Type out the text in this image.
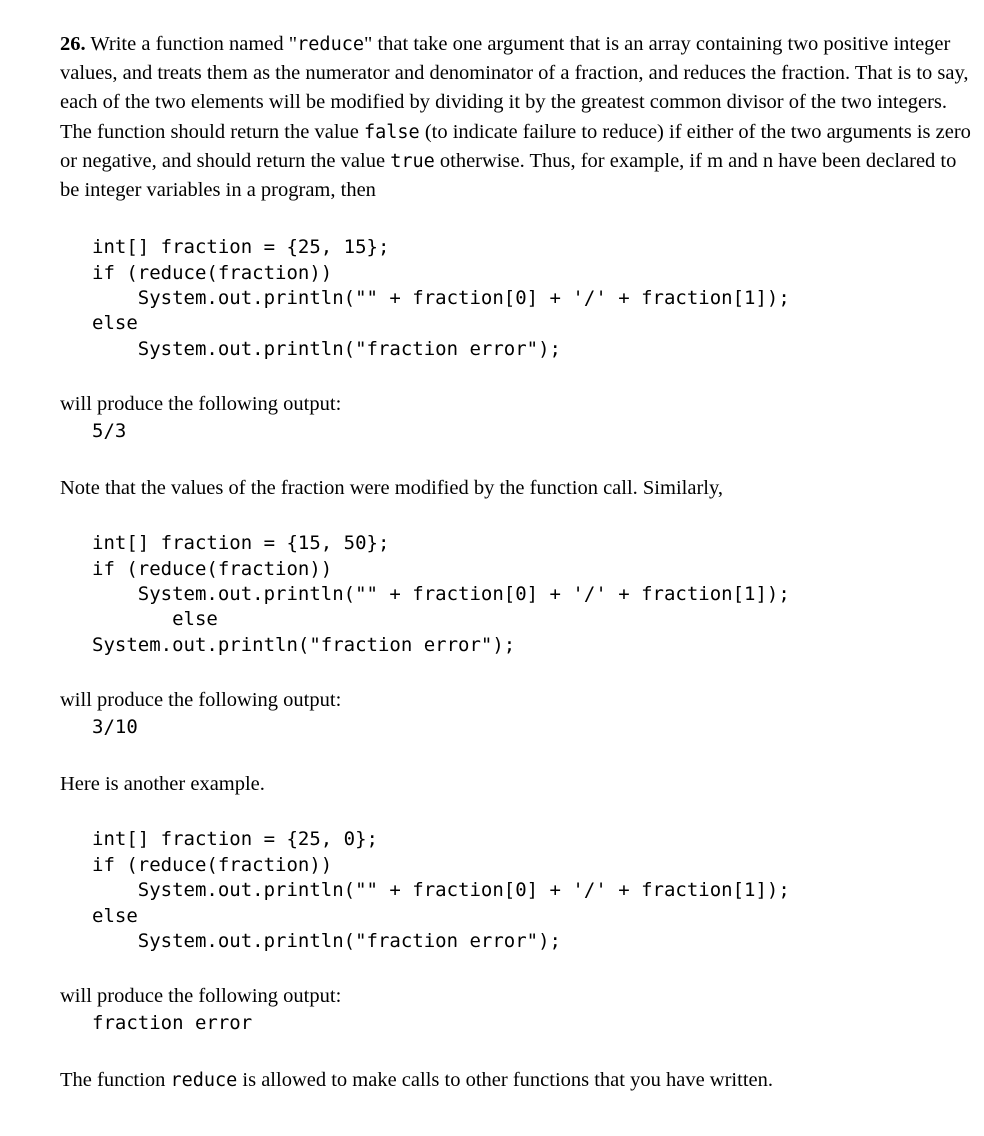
26. Write a function named "reduce" that take one argument that is an array containing two positive integer values, and treats them as the numerator and denominator of a fraction, and reduces the fraction. That is to say, each of the two elements will be modified by dividing it by the greatest common divisor of the two integers. The function should return the value false (to indicate failure to reduce) if either of the two arguments is zero or negative, and should return the value true otherwise. Thus, for example, if m and n have been declared to be integer variables in a program, then

int[] fraction = {25, 15};
if (reduce(fraction))
System.out.println("" + fraction[0] + '/' + fraction[1]);
else
System.out.println("fraction error");

will produce the following output:

5/3

Note that the values of the fraction were modified by the function call. Similarly,

int[] fraction = {15, 50};
if (reduce(fraction))
System.out.println("" + fraction[0] + '/' + fraction[1]);
else
System.out.println("fraction error");

will produce the following output:

3/10

Here is another example.

int[] fraction = {25, 0};
if (reduce(fraction))
System.out.println("" + fraction[0] + '/' + fraction[1]);
else
System.out.println("fraction error");

will produce the following output:

fraction error

The function reduce is allowed to make calls to other functions that you have written.
